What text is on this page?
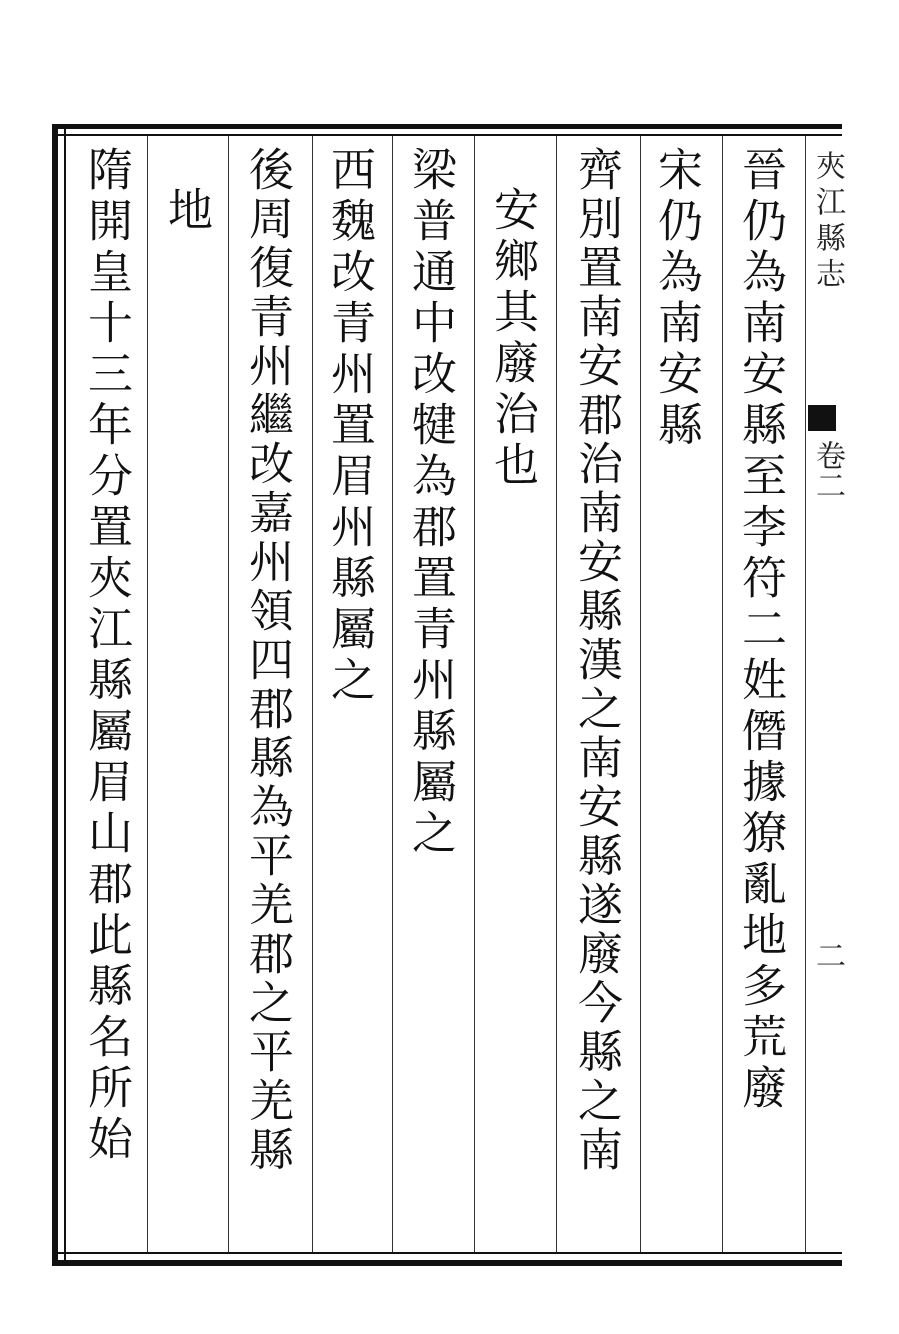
夾江縣志
卷二
二
晉仍為南安縣至李符二姓僭據獠亂地多荒廢
宋仍為南安縣
齊別置南安郡治南安縣漢之南安縣遂廢今縣之南
安鄉其廢治也
梁普通中改犍為郡置青州縣屬之
西魏改青州置眉州縣屬之
後周復青州繼改嘉州領四郡縣為平羌郡之平羌縣
地
隋開皇十三年分置夾江縣屬眉山郡此縣名所始
